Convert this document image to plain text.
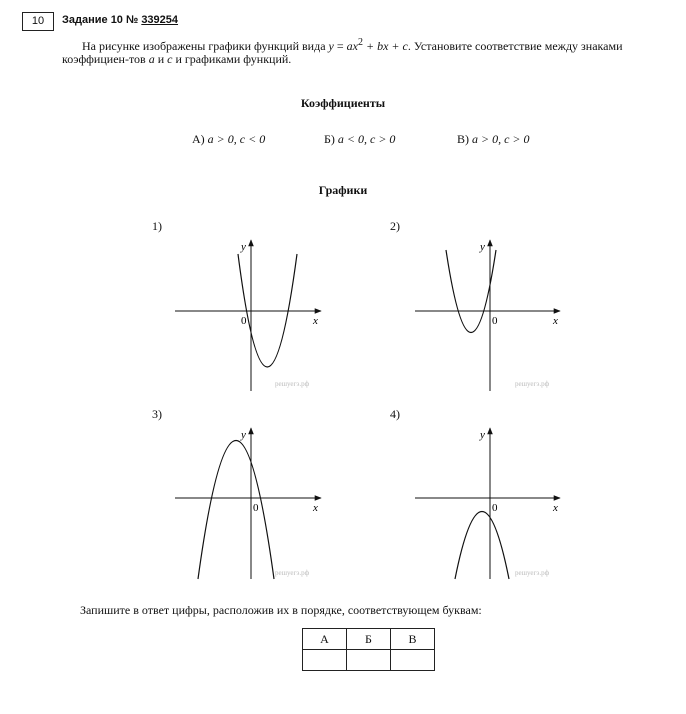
10	Задание 10 № 339254
На рисунке изображены графики функций вида $y = ax^2$ + bx + c. Установите соответствие между знаками коэффициен-тов a и c и графиками функций.
Коэффициенты
А) a > 0, c < 0	Б) a < 0, c > 0	В) a > 0, c > 0
Графики
1)	2)
3)	4)
0	x
y
решуегэ.рф
0	x
y
решуегэ.рф
0	x
y
решуегэ.рф
0	x
y
решуегэ.рф
Запишите в ответ цифры, расположив их в порядке, соответствующем буквам:
А	Б	В
